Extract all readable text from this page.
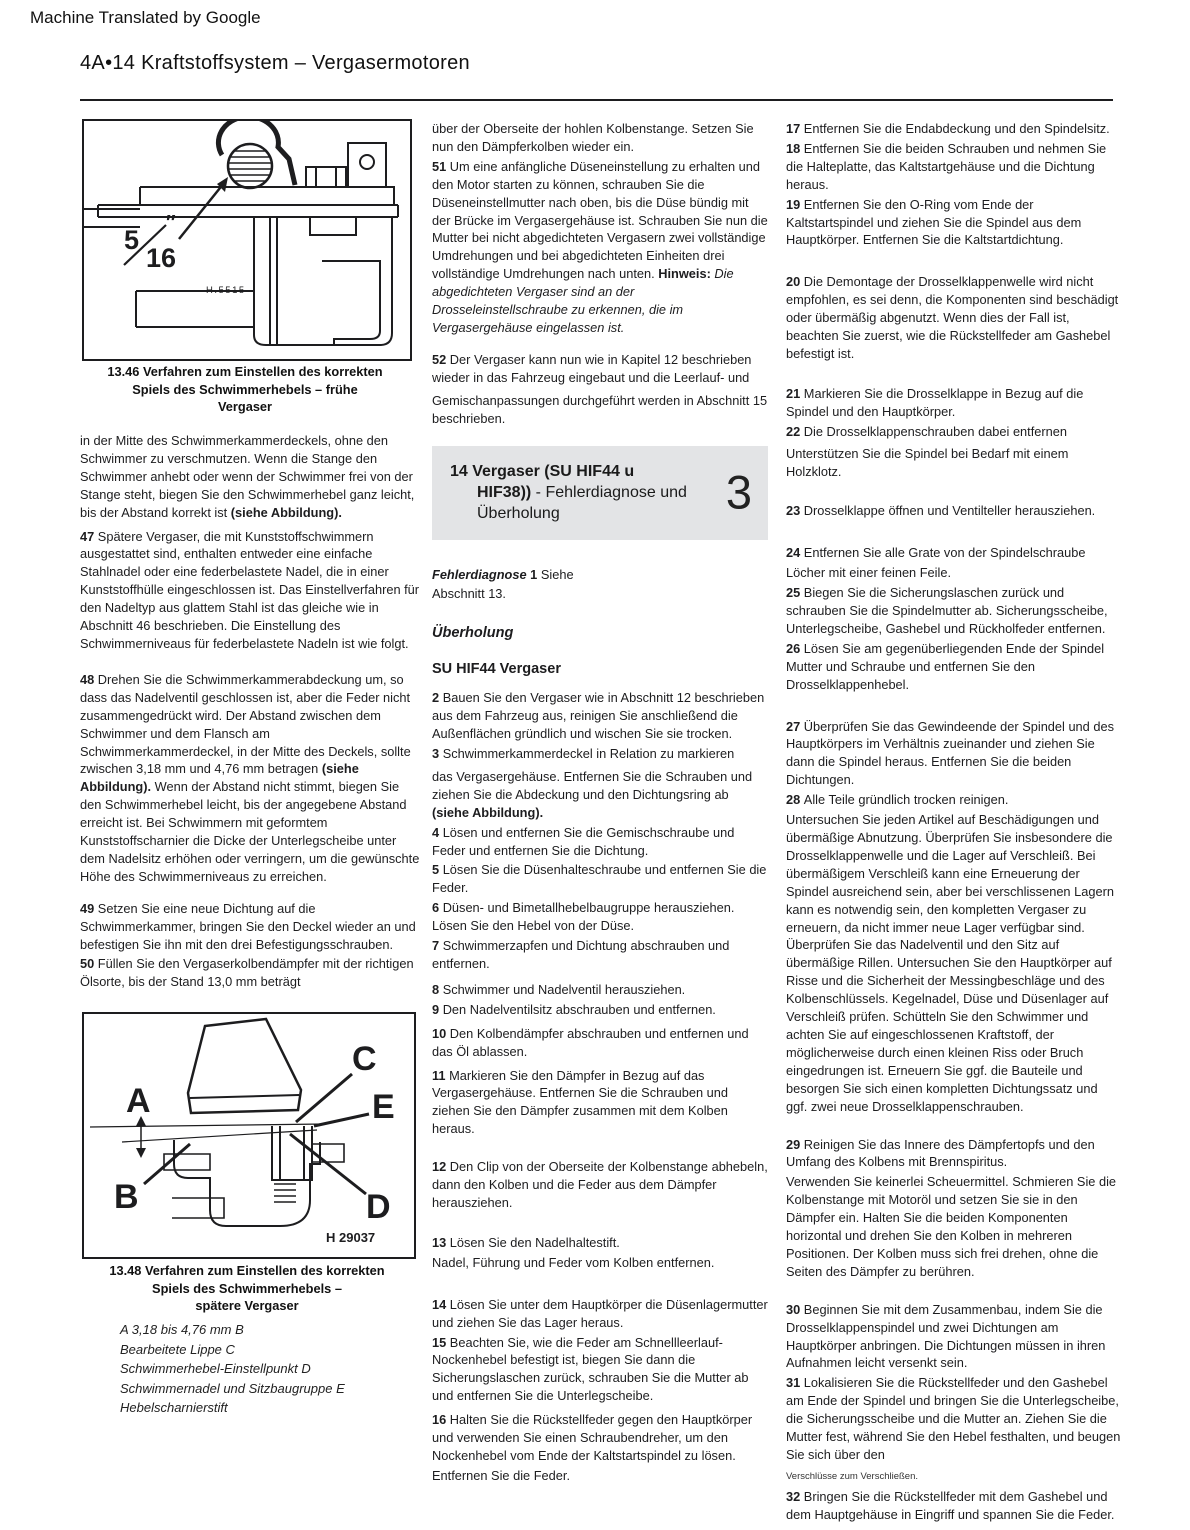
Machine Translated by Google
4A•14 Kraftstoffsystem – Vergasermotoren
5
16
″
H.5515
13.46 Verfahren zum Einstellen des korrekten
Spiels des Schwimmerhebels – frühe
Vergaser
in der Mitte des Schwimmerkammerdeckels, ohne den Schwimmer zu verschmutzen. Wenn die Stange den Schwimmer anhebt oder wenn der Schwimmer frei von der Stange steht, biegen Sie den Schwimmerhebel ganz leicht, bis der Abstand korrekt ist (siehe Abbildung).
47 Spätere Vergaser, die mit Kunststoffschwimmern ausgestattet sind, enthalten entweder eine einfache Stahlnadel oder eine federbelastete Nadel, die in einer Kunststoffhülle eingeschlossen ist. Das Einstellverfahren für den Nadeltyp aus glattem Stahl ist das gleiche wie in Abschnitt 46 beschrieben. Die Einstellung des Schwimmerniveaus für federbelastete Nadeln ist wie folgt.
48 Drehen Sie die Schwimmerkammerabdeckung um, so dass das Nadelventil geschlossen ist, aber die Feder nicht zusammengedrückt wird. Der Abstand zwischen dem Schwimmer und dem Flansch am Schwimmerkammerdeckel, in der Mitte des Deckels, sollte zwischen 3,18 mm und 4,76 mm betragen (siehe Abbildung). Wenn der Abstand nicht stimmt, biegen Sie den Schwimmerhebel leicht, bis der angegebene Abstand erreicht ist. Bei Schwimmern mit geformtem Kunststoffscharnier die Dicke der Unterlegscheibe unter dem Nadelsitz erhöhen oder verringern, um die gewünschte Höhe des Schwimmerniveaus zu erreichen.
49 Setzen Sie eine neue Dichtung auf die Schwimmerkammer, bringen Sie den Deckel wieder an und befestigen Sie ihn mit den drei Befestigungsschrauben.
50 Füllen Sie den Vergaserkolbendämpfer mit der richtigen Ölsorte, bis der Stand 13,0 mm beträgt
A
B
C
D
E
H 29037
13.48 Verfahren zum Einstellen des korrekten
Spiels des Schwimmerhebels –
spätere Vergaser
A 3,18 bis 4,76 mm B
Bearbeitete Lippe C
Schwimmerhebel-Einstellpunkt D
Schwimmernadel und Sitzbaugruppe E
Hebelscharnierstift
über der Oberseite der hohlen Kolbenstange. Setzen Sie nun den Dämpferkolben wieder ein.
51 Um eine anfängliche Düseneinstellung zu erhalten und den Motor starten zu können, schrauben Sie die Düseneinstellmutter nach oben, bis die Düse bündig mit der Brücke im Vergasergehäuse ist. Schrauben Sie nun die Mutter bei nicht abgedichteten Vergasern zwei vollständige Umdrehungen und bei abgedichteten Einheiten drei vollständige Umdrehungen nach unten. Hinweis: Die abgedichteten Vergaser sind an der Drosseleinstellschraube zu erkennen, die im Vergasergehäuse eingelassen ist.
52 Der Vergaser kann nun wie in Kapitel 12 beschrieben wieder in das Fahrzeug eingebaut und die Leerlauf- und
Gemischanpassungen durchgeführt werden in Abschnitt 15 beschrieben.
14 Vergaser (SU HIF44 u
HIF38)) - Fehlerdiagnose und
Überholung	3
Fehlerdiagnose 1 Siehe
Abschnitt 13.
Überholung
SU HIF44 Vergaser
2 Bauen Sie den Vergaser wie in Abschnitt 12 beschrieben aus dem Fahrzeug aus, reinigen Sie anschließend die Außenflächen gründlich und wischen Sie sie trocken.
3 Schwimmerkammerdeckel in Relation zu markieren
das Vergasergehäuse. Entfernen Sie die Schrauben und ziehen Sie die Abdeckung und den Dichtungsring ab (siehe Abbildung).
4 Lösen und entfernen Sie die Gemischschraube und Feder und entfernen Sie die Dichtung.
5 Lösen Sie die Düsenhalteschraube und entfernen Sie die Feder.
6 Düsen- und Bimetallhebelbaugruppe herausziehen. Lösen Sie den Hebel von der Düse.
7 Schwimmerzapfen und Dichtung abschrauben und entfernen.
8 Schwimmer und Nadelventil herausziehen.
9 Den Nadelventilsitz abschrauben und entfernen.
10 Den Kolbendämpfer abschrauben und entfernen und das Öl ablassen.
11 Markieren Sie den Dämpfer in Bezug auf das Vergasergehäuse. Entfernen Sie die Schrauben und ziehen Sie den Dämpfer zusammen mit dem Kolben heraus.
12 Den Clip von der Oberseite der Kolbenstange abhebeln, dann den Kolben und die Feder aus dem Dämpfer herausziehen.
13 Lösen Sie den Nadelhaltestift.
Nadel, Führung und Feder vom Kolben entfernen.
14 Lösen Sie unter dem Hauptkörper die Düsenlagermutter und ziehen Sie das Lager heraus.
15 Beachten Sie, wie die Feder am Schnellleerlauf-Nockenhebel befestigt ist, biegen Sie dann die Sicherungslaschen zurück, schrauben Sie die Mutter ab und entfernen Sie die Unterlegscheibe.
16 Halten Sie die Rückstellfeder gegen den Hauptkörper und verwenden Sie einen Schraubendreher, um den Nockenhebel vom Ende der Kaltstartspindel zu lösen.
Entfernen Sie die Feder.
17 Entfernen Sie die Endabdeckung und den Spindelsitz.
18 Entfernen Sie die beiden Schrauben und nehmen Sie die Halteplatte, das Kaltstartgehäuse und die Dichtung heraus.
19 Entfernen Sie den O-Ring vom Ende der Kaltstartspindel und ziehen Sie die Spindel aus dem Hauptkörper. Entfernen Sie die Kaltstartdichtung.
20 Die Demontage der Drosselklappenwelle wird nicht empfohlen, es sei denn, die Komponenten sind beschädigt oder übermäßig abgenutzt. Wenn dies der Fall ist, beachten Sie zuerst, wie die Rückstellfeder am Gashebel befestigt ist.
21 Markieren Sie die Drosselklappe in Bezug auf die Spindel und den Hauptkörper.
22 Die Drosselklappenschrauben dabei entfernen
Unterstützen Sie die Spindel bei Bedarf mit einem Holzklotz.
23 Drosselklappe öffnen und Ventilteller herausziehen.
24 Entfernen Sie alle Grate von der Spindelschraube
Löcher mit einer feinen Feile.
25 Biegen Sie die Sicherungslaschen zurück und schrauben Sie die Spindelmutter ab. Sicherungsscheibe, Unterlegscheibe, Gashebel und Rückholfeder entfernen.
26 Lösen Sie am gegenüberliegenden Ende der Spindel Mutter und Schraube und entfernen Sie den Drosselklappenhebel.
27 Überprüfen Sie das Gewindeende der Spindel und des Hauptkörpers im Verhältnis zueinander und ziehen Sie dann die Spindel heraus. Entfernen Sie die beiden Dichtungen.
28 Alle Teile gründlich trocken reinigen.
Untersuchen Sie jeden Artikel auf Beschädigungen und übermäßige Abnutzung. Überprüfen Sie insbesondere die Drosselklappenwelle und die Lager auf Verschleiß. Bei übermäßigem Verschleiß kann eine Erneuerung der Spindel ausreichend sein, aber bei verschlissenen Lagern kann es notwendig sein, den kompletten Vergaser zu erneuern, da nicht immer neue Lager verfügbar sind. Überprüfen Sie das Nadelventil und den Sitz auf übermäßige Rillen. Untersuchen Sie den Hauptkörper auf Risse und die Sicherheit der Messingbeschläge und des Kolbenschlüssels. Kegelnadel, Düse und Düsenlager auf Verschleiß prüfen. Schütteln Sie den Schwimmer und achten Sie auf eingeschlossenen Kraftstoff, der möglicherweise durch einen kleinen Riss oder Bruch eingedrungen ist. Erneuern Sie ggf. die Bauteile und besorgen Sie sich einen kompletten Dichtungssatz und ggf. zwei neue Drosselklappenschrauben.
29 Reinigen Sie das Innere des Dämpfertopfs und den Umfang des Kolbens mit Brennspiritus.
Verwenden Sie keinerlei Scheuermittel. Schmieren Sie die Kolbenstange mit Motoröl und setzen Sie sie in den Dämpfer ein. Halten Sie die beiden Komponenten horizontal und drehen Sie den Kolben in mehreren Positionen. Der Kolben muss sich frei drehen, ohne die Seiten des Dämpfer zu berühren.
30 Beginnen Sie mit dem Zusammenbau, indem Sie die Drosselklappenspindel und zwei Dichtungen am Hauptkörper anbringen. Die Dichtungen müssen in ihren Aufnahmen leicht versenkt sein.
31 Lokalisieren Sie die Rückstellfeder und den Gashebel am Ende der Spindel und bringen Sie die Unterlegscheibe, die Sicherungsscheibe und die Mutter an. Ziehen Sie die Mutter fest, während Sie den Hebel festhalten, und beugen Sie sich über den
Verschlüsse zum Verschließen.
32 Bringen Sie die Rückstellfeder mit dem Gashebel und dem Hauptgehäuse in Eingriff und spannen Sie die Feder.
